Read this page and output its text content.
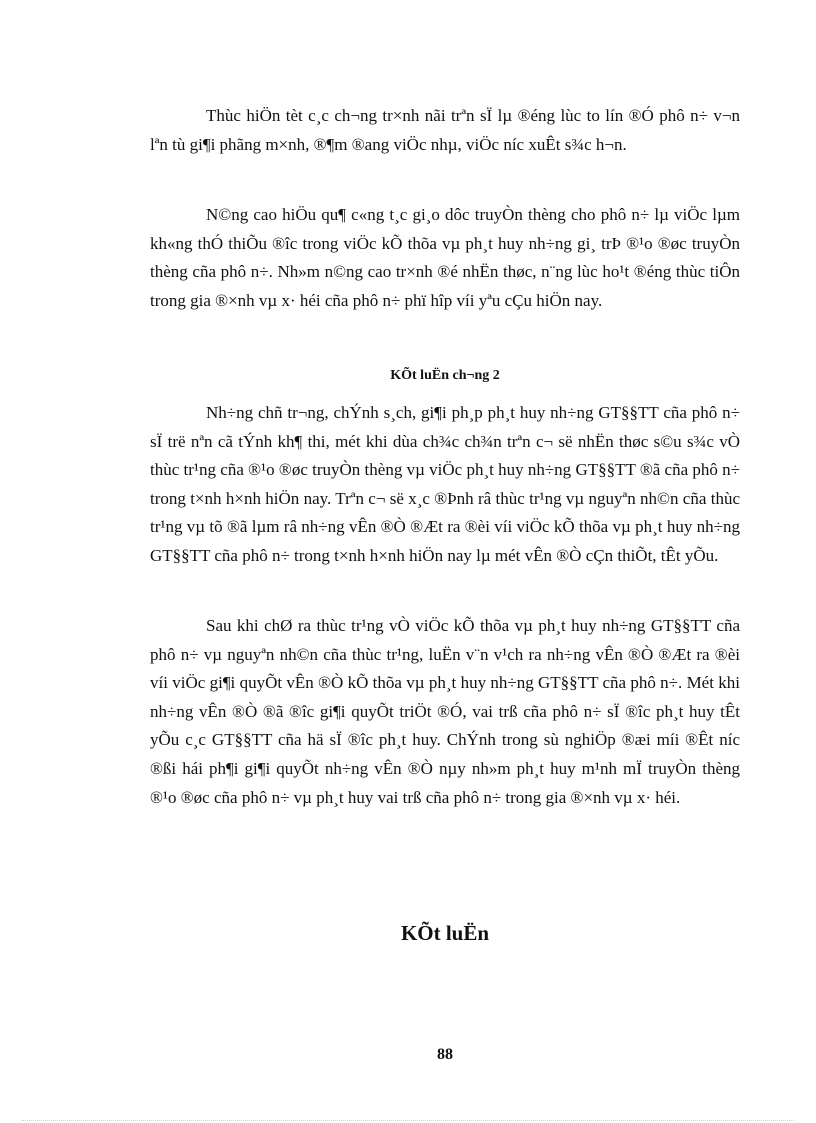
Thùc hiÖn tèt c¸c ch¬ng tr×nh nãi trªn sÏ lµ ®éng lùc to lín ®Ó phô n÷ v¬n lªn tù gi¶i phãng m×nh, ®¶m ®ang viÖc nhµ, viÖc níc xuÊt s¾c h¬n.

N©ng cao hiÖu qu¶ c«ng t¸c gi¸o dôc truyÒn thèng cho phô n÷ lµ viÖc lµm kh«ng thÓ thiÕu ®îc trong viÖc kÕ thõa vµ ph¸t huy nh÷ng gi¸ trÞ ®¹o ®øc truyÒn thèng cña phô n÷. Nh»m n©ng cao tr×nh ®é nhËn thøc, n¨ng lùc ho¹t ®éng thùc tiÔn trong gia ®×nh vµ x· héi cña phô n÷ phï hîp víi yªu cÇu hiÖn nay.

KÕt luËn ch¬ng 2

Nh÷ng chñ tr¬ng, chÝnh s¸ch, gi¶i ph¸p ph¸t huy nh÷ng GT§§TT cña phô n÷ sÏ trë nªn cã tÝnh kh¶ thi, mét khi dùa ch¾c ch¾n trªn c¬ së nhËn thøc s©u s¾c vÒ thùc tr¹ng cña ®¹o ®øc truyÒn thèng vµ viÖc ph¸t huy nh÷ng GT§§TT ®ã cña phô n÷ trong t×nh h×nh hiÖn nay. Trªn c¬ së x¸c ®Þnh râ thùc tr¹ng vµ nguyªn nh©n cña thùc tr¹ng vµ tõ ®ã lµm râ nh÷ng vÊn ®Ò ®Æt ra ®èi víi viÖc kÕ thõa vµ ph¸t huy nh÷ng GT§§TT cña phô n÷ trong t×nh h×nh hiÖn nay lµ mét vÊn ®Ò cÇn thiÕt, tÊt yÕu.

Sau khi chØ ra thùc tr¹ng vÒ viÖc kÕ thõa vµ ph¸t huy nh÷ng GT§§TT cña phô n÷ vµ nguyªn nh©n cña thùc tr¹ng, luËn v¨n v¹ch ra nh÷ng vÊn ®Ò ®Æt ra ®èi víi viÖc gi¶i quyÕt vÊn ®Ò kÕ thõa vµ ph¸t huy nh÷ng GT§§TT cña phô n÷. Mét khi nh÷ng vÊn ®Ò ®ã ®îc gi¶i quyÕt triÖt ®Ó, vai trß cña phô n÷ sÏ ®îc ph¸t huy tÊt yÕu c¸c GT§§TT cña hä sÏ ®îc ph¸t huy. ChÝnh trong sù nghiÖp ®æi míi ®Êt níc ®ßi hái ph¶i gi¶i quyÕt nh÷ng vÊn ®Ò nµy nh»m ph¸t huy m¹nh mÏ truyÒn thèng ®¹o ®øc cña phô n÷ vµ ph¸t huy vai trß cña phô n÷ trong gia ®×nh vµ x· héi.

KÕt luËn
88
